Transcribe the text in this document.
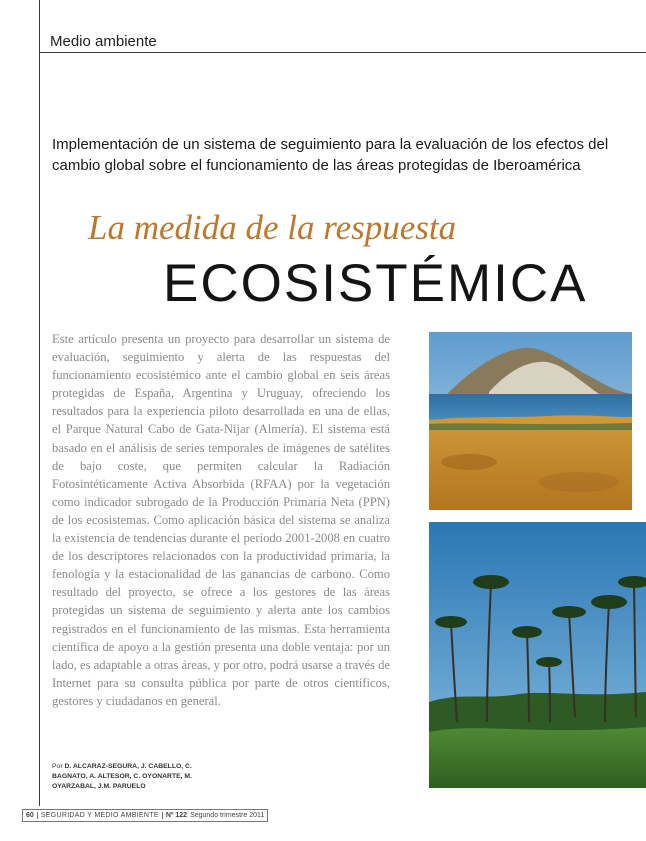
Medio ambiente
Implementación de un sistema de seguimiento para la evaluación de los efectos del cambio global sobre el funcionamiento de las áreas protegidas de Iberoamérica
La medida de la respuesta
ECOSISTÉMICA
Este artículo presenta un proyecto para desarrollar un sistema de evaluación, seguimiento y alerta de las respuestas del funcionamiento ecosistémico ante el cambio global en seis áreas protegidas de España, Argentina y Uruguay, ofreciendo los resultados para la experiencia piloto desarrollada en una de ellas, el Parque Natural Cabo de Gata-Níjar (Almería). El sistema está basado en el análisis de series temporales de imágenes de satélites de bajo coste, que permiten calcular la Radiación Fotosintéticamente Activa Absorbida (RFAA) por la vegetación como indicador subrogado de la Producción Primaria Neta (PPN) de los ecosistemas. Como aplicación básica del sistema se analiza la existencia de tendencias durante el periodo 2001-2008 en cuatro de los descriptores relacionados con la productividad primaria, la fenología y la estacionalidad de las ganancias de carbono. Como resultado del proyecto, se ofrece a los gestores de las áreas protegidas un sistema de seguimiento y alerta ante los cambios registrados en el funcionamiento de las mismas. Esta herramienta científica de apoyo a la gestión presenta una doble ventaja: por un lado, es adaptable a otras áreas, y por otro, podrá usarse a través de Internet para su consulta pública por parte de otros científicos, gestores y ciudadanos en general.
Por D. ALCARAZ-SEGURA, J. CABELLO, C. BAGNATO, A. ALTESOR, C. OYONARTE, M. OYARZABAL, J.M. PARUELO
60	SEGURIDAD Y MEDIO AMBIENTE	Nº 122 Segundo trimestre 2011
